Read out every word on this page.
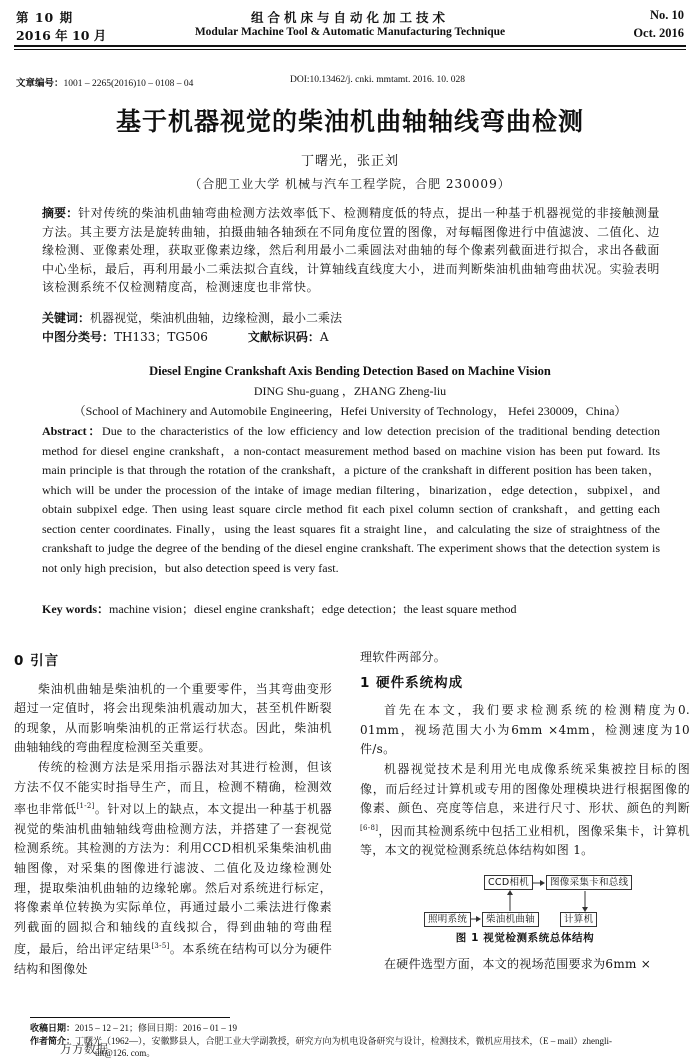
第 10 期
2016 年 10 月
组合机床与自动化加工技术
Modular Machine Tool & Automatic Manufacturing Technique
No. 10
Oct. 2016
文章编号：1001 – 2265(2016)10 – 0108 – 04	DOI:10.13462/j. cnki. mmtamt. 2016. 10. 028
基于机器视觉的柴油机曲轴轴线弯曲检测
丁曙光，张正刘
（合肥工业大学 机械与汽车工程学院，合肥 230009）
摘要：针对传统的柴油机曲轴弯曲检测方法效率低下、检测精度低的特点，提出一种基于机器视觉的非接触测量方法。其主要方法是旋转曲轴，拍摄曲轴各轴颈在不同角度位置的图像，对每幅图像进行中值滤波、二值化、边缘检测、亚像素处理，获取亚像素边缘，然后利用最小二乘圆法对曲轴的每个像素列截面进行拟合，求出各截面中心坐标，最后，再利用最小二乘法拟合直线，计算轴线直线度大小，进而判断柴油机曲轴弯曲状况。实验表明该检测系统不仅检测精度高，检测速度也非常快。
关键词：机器视觉，柴油机曲轴，边缘检测，最小二乘法
中图分类号：TH133；TG506	文献标识码：A
Diesel Engine Crankshaft Axis Bending Detection Based on Machine Vision
DING Shu-guang ，ZHANG Zheng-liu
（School of Machinery and Automobile Engineering，Hefei University of Technology， Hefei 230009，China）
Abstract：Due to the characteristics of the low efficiency and low detection precision of the traditional bending detection method for diesel engine crankshaft，a non-contact measurement method based on machine vision has been put foward. Its main principle is that through the rotation of the crankshaft，a picture of the crankshaft in different position has been taken，which will be under the procession of the intake of image median filtering，binarization，edge detection，subpixel，and obtain subpixel edge. Then using least square circle method fit each pixel column section of crankshaft，and getting each section center coordinates. Finally，using the least squares fit a straight line，and calculating the size of straightness of the crankshaft to judge the degree of the bending of the diesel engine crankshaft. The experiment shows that the detection system is not only high precision，but also detection speed is very fast.
Key words：machine vision；diesel engine crankshaft；edge detection；the least square method
0 引言
柴油机曲轴是柴油机的一个重要零件，当其弯曲变形超过一定值时，将会出现柴油机震动加大，甚至机件断裂的现象，从而影响柴油机的正常运行状态。因此，柴油机曲轴轴线的弯曲程度检测至关重要。
传统的检测方法是采用指示器法对其进行检测，但该方法不仅不能实时指导生产，而且，检测不精确，检测效率也非常低[1-2]。针对以上的缺点，本文提出一种基于机器视觉的柴油机曲轴轴线弯曲检测方法，并搭建了一套视觉检测系统。其检测的方法为：利用CCD相机采集柴油机曲轴图像，对采集的图像进行滤波、二值化及边缘检测处理，提取柴油机曲轴的边缘轮廓。然后对系统进行标定，将像素单位转换为实际单位，再通过最小二乘法进行像素列截面的圆拟合和轴线的直线拟合，得到曲轴的弯曲程度，最后，给出评定结果[3-5]。本系统在结构可以分为硬件结构和图像处
理软件两部分。
1 硬件系统构成
首先在本文，我们要求检测系统的检测精度为0. 01mm，视场范围大小为6mm ×4mm，检测速度为10件/s。
机器视觉技术是利用光电成像系统采集被控目标的图像，而后经过计算机或专用的图像处理模块进行根据图像的像素、颜色、亮度等信息，来进行尺寸、形状、颜色的判断[6-8]，因而其检测系统中包括工业相机，图像采集卡，计算机等，本文的视觉检测系统总体结构如图 1。
CCD相机	图像采集卡和总线
照明系统	柴油机曲轴	计算机
图 1 视觉检测系统总体结构
在硬件选型方面，本文的视场范围要求为6mm ×
收稿日期：2015 – 12 – 21；修回日期：2016 – 01 – 19
作者简介：丁曙光（1962—），安徽黟县人，合肥工业大学副教授，研究方向为机电设备研究与设计，检测技术，微机应用技术，（E – mail）zhengli-
uit@126. com。
万方数据
